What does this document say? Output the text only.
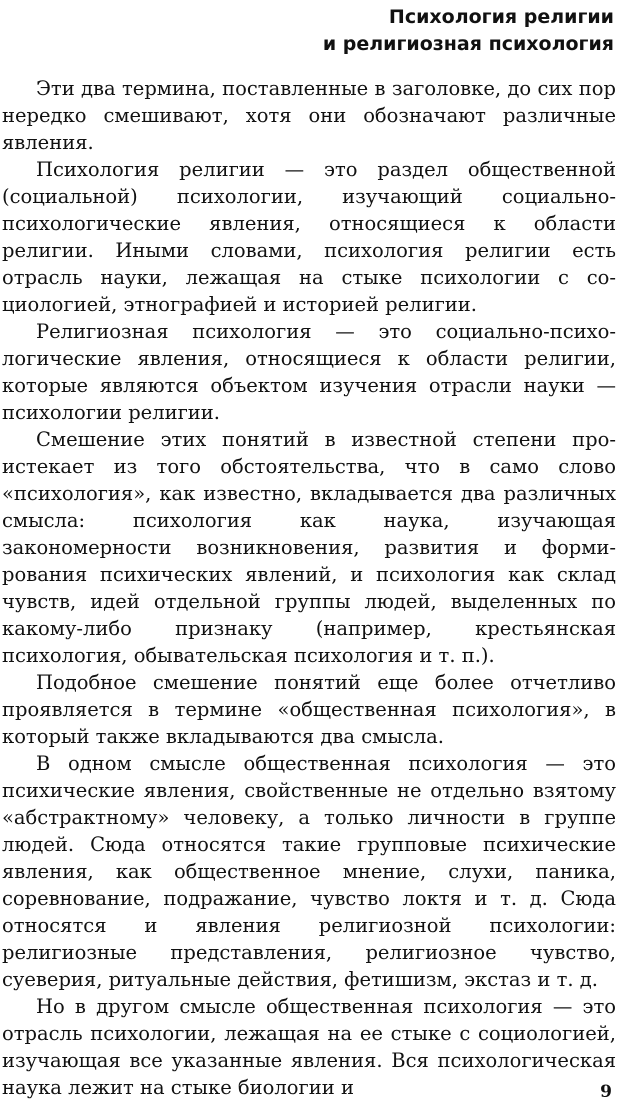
Психология религии
и религиозная психология

Эти два термина, поставленные в заголовке, до сих пор нередко смешивают, хотя они обозначают различные явления.

Психология религии — это раздел общественной (социальной) психологии, изучающий социально-психологические явления, относящиеся к области религии. Иными словами, психология религии есть отрасль науки, лежащая на стыке психологии с социологией, этнографией и историей религии.

Религиозная психология — это социально-психологические явления, относящиеся к области религии, которые являются объектом изучения отрасли науки — психологии религии.

Смешение этих понятий в известной степени проистекает из того обстоятельства, что в само слово «психология», как известно, вкладывается два различных смысла: психология как наука, изучающая закономерности возникновения, развития и формирования психических явлений, и психология как склад чувств, идей отдельной группы людей, выделенных по какому-либо признаку (например, крестьянская психология, обывательская психология и т. п.).

Подобное смешение понятий еще более отчетливо проявляется в термине «общественная психология», в который также вкладываются два смысла.

В одном смысле общественная психология — это психические явления, свойственные не отдельно взятому «абстрактному» человеку, а только личности в группе людей. Сюда относятся такие групповые психические явления, как общественное мнение, слухи, паника, соревнование, подражание, чувство локтя и т. д. Сюда относятся и явления религиозной психологии: религиозные представления, религиозное чувство, суеверия, ритуальные действия, фетишизм, экстаз и т. д.

Но в другом смысле общественная психология — это отрасль психологии, лежащая на ее стыке с социологией, изучающая все указанные явления. Вся психологическая наука лежит на стыке биологии и	9
